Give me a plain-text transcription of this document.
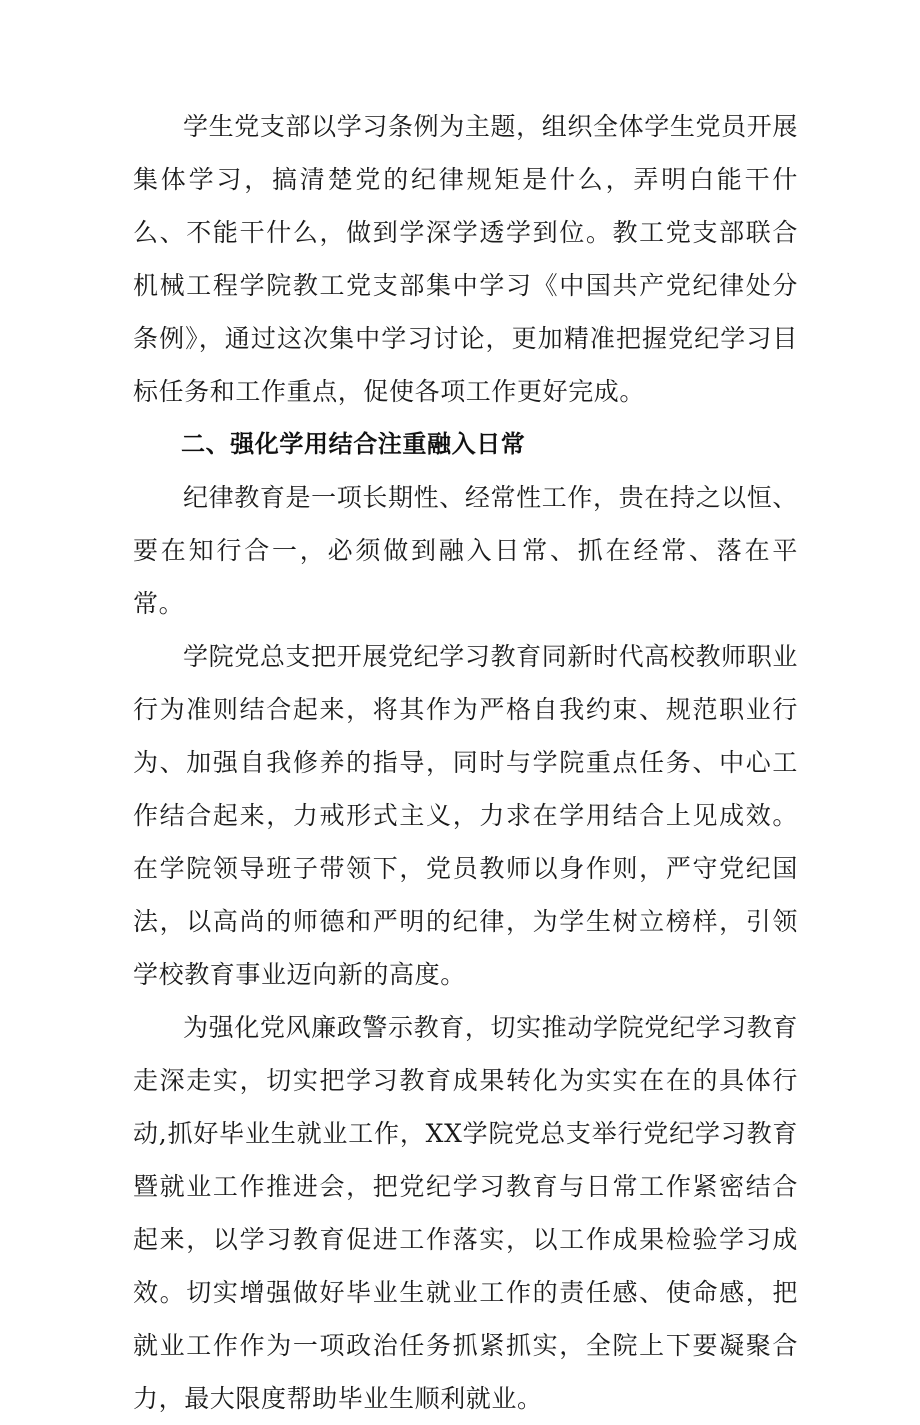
学生党支部以学习条例为主题，组织全体学生党员开展集体学习，搞清楚党的纪律规矩是什么，弄明白能干什么、不能干什么，做到学深学透学到位。教工党支部联合机械工程学院教工党支部集中学习《中国共产党纪律处分条例》，通过这次集中学习讨论，更加精准把握党纪学习目标任务和工作重点，促使各项工作更好完成。

二、强化学用结合注重融入日常

纪律教育是一项长期性、经常性工作，贵在持之以恒、要在知行合一，必须做到融入日常、抓在经常、落在平常。

学院党总支把开展党纪学习教育同新时代高校教师职业行为准则结合起来，将其作为严格自我约束、规范职业行为、加强自我修养的指导，同时与学院重点任务、中心工作结合起来，力戒形式主义，力求在学用结合上见成效。在学院领导班子带领下，党员教师以身作则，严守党纪国法，以高尚的师德和严明的纪律，为学生树立榜样，引领学校教育事业迈向新的高度。

为强化党风廉政警示教育，切实推动学院党纪学习教育走深走实，切实把学习教育成果转化为实实在在的具体行动,抓好毕业生就业工作，XX学院党总支举行党纪学习教育暨就业工作推进会，把党纪学习教育与日常工作紧密结合起来，以学习教育促进工作落实，以工作成果检验学习成效。切实增强做好毕业生就业工作的责任感、使命感，把就业工作作为一项政治任务抓紧抓实，全院上下要凝聚合力，最大限度帮助毕业生顺利就业。
